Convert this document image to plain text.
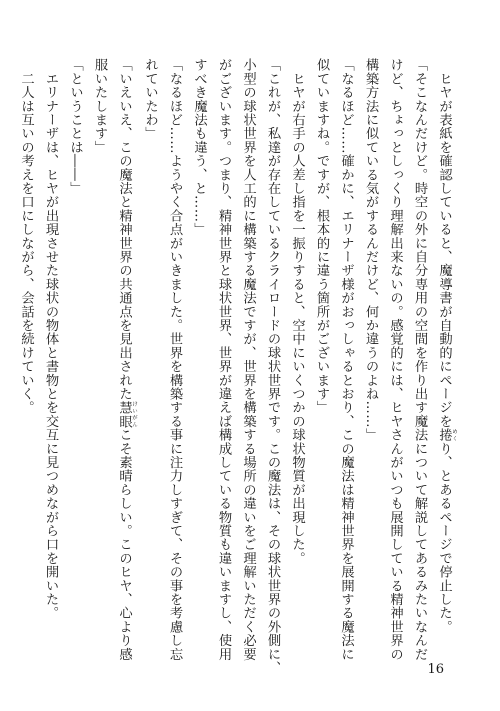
　ヒヤが表紙を確認していると、魔導書が自動的にページを捲 めくり、とあるページで停止した。
「そこなんだけど。時空の外に自分専用の空間を作り出す魔法について解説してあるみたいなんだ
けど、ちょっとしっくり理解出来ないの。感覚的には、ヒヤさんがいつも展開している精神世界の
構築方法に似ている気がするんだけど、何か違うのよね……」
「なるほど……確かに、エリナーザ様がおっしゃるとおり、この魔法は精神世界を展開する魔法に
似ていますね。ですが、根本的に違う箇所がございます」
　ヒヤが右手の人差し指を一振りすると、空中にいくつかの球状物質が出現した。
「これが、私達が存在しているクライロードの球状世界です。この魔法は、その球状世界の外側に、
小型の球状世界を人工的に構築する魔法ですが、世界を構築する場所の違いをご理解いただく必要
がございます。つまり、精神世界と球状世界、世界が違えば構成している物質も違いますし、使用
すべき魔法も違う、と……」
「なるほど……ようやく合点がいきました。世界を構築する事に注力しすぎて、その事を考慮し忘
れていたわ」
「いえいえ、この魔法と精神世界の共通点を見出された慧眼 けいがんこそ素晴らしい。このヒヤ、心より感
服いたします」
「ということは――」
　エリナーザは、ヒヤが出現させた球状の物体と書物とを交互に見つめながら口を開いた。
　二人は互いの考えを口にしながら、会話を続けていく。
16
